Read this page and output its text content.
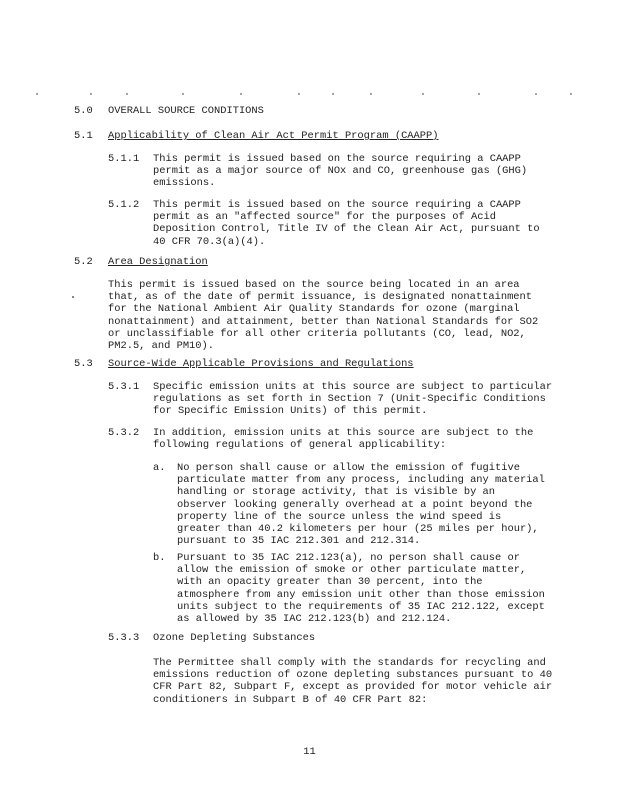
5.0 OVERALL SOURCE CONDITIONS
5.1 Applicability of Clean Air Act Permit Program (CAAPP)
5.1.1 This permit is issued based on the source requiring a CAAPP
permit as a major source of NOx and CO, greenhouse gas (GHG)
emissions.
5.1.2 This permit is issued based on the source requiring a CAAPP
permit as an "affected source" for the purposes of Acid
Deposition Control, Title IV of the Clean Air Act, pursuant to
40 CFR 70.3(a)(4).
5.2 Area Designation
This permit is issued based on the source being located in an area
that, as of the date of permit issuance, is designated nonattainment
for the National Ambient Air Quality Standards for ozone (marginal
nonattainment) and attainment, better than National Standards for SO2
or unclassifiable for all other criteria pollutants (CO, lead, NO2,
PM2.5, and PM10).
5.3 Source-Wide Applicable Provisions and Regulations
5.3.1 Specific emission units at this source are subject to particular
regulations as set forth in Section 7 (Unit-Specific Conditions
for Specific Emission Units) of this permit.
5.3.2 In addition, emission units at this source are subject to the
following regulations of general applicability:
a. No person shall cause or allow the emission of fugitive
particulate matter from any process, including any material
handling or storage activity, that is visible by an
observer looking generally overhead at a point beyond the
property line of the source unless the wind speed is
greater than 40.2 kilometers per hour (25 miles per hour),
pursuant to 35 IAC 212.301 and 212.314.
b. Pursuant to 35 IAC 212.123(a), no person shall cause or
allow the emission of smoke or other particulate matter,
with an opacity greater than 30 percent, into the
atmosphere from any emission unit other than those emission
units subject to the requirements of 35 IAC 212.122, except
as allowed by 35 IAC 212.123(b) and 212.124.
5.3.3 Ozone Depleting Substances
The Permittee shall comply with the standards for recycling and
emissions reduction of ozone depleting substances pursuant to 40
CFR Part 82, Subpart F, except as provided for motor vehicle air
conditioners in Subpart B of 40 CFR Part 82:
11
